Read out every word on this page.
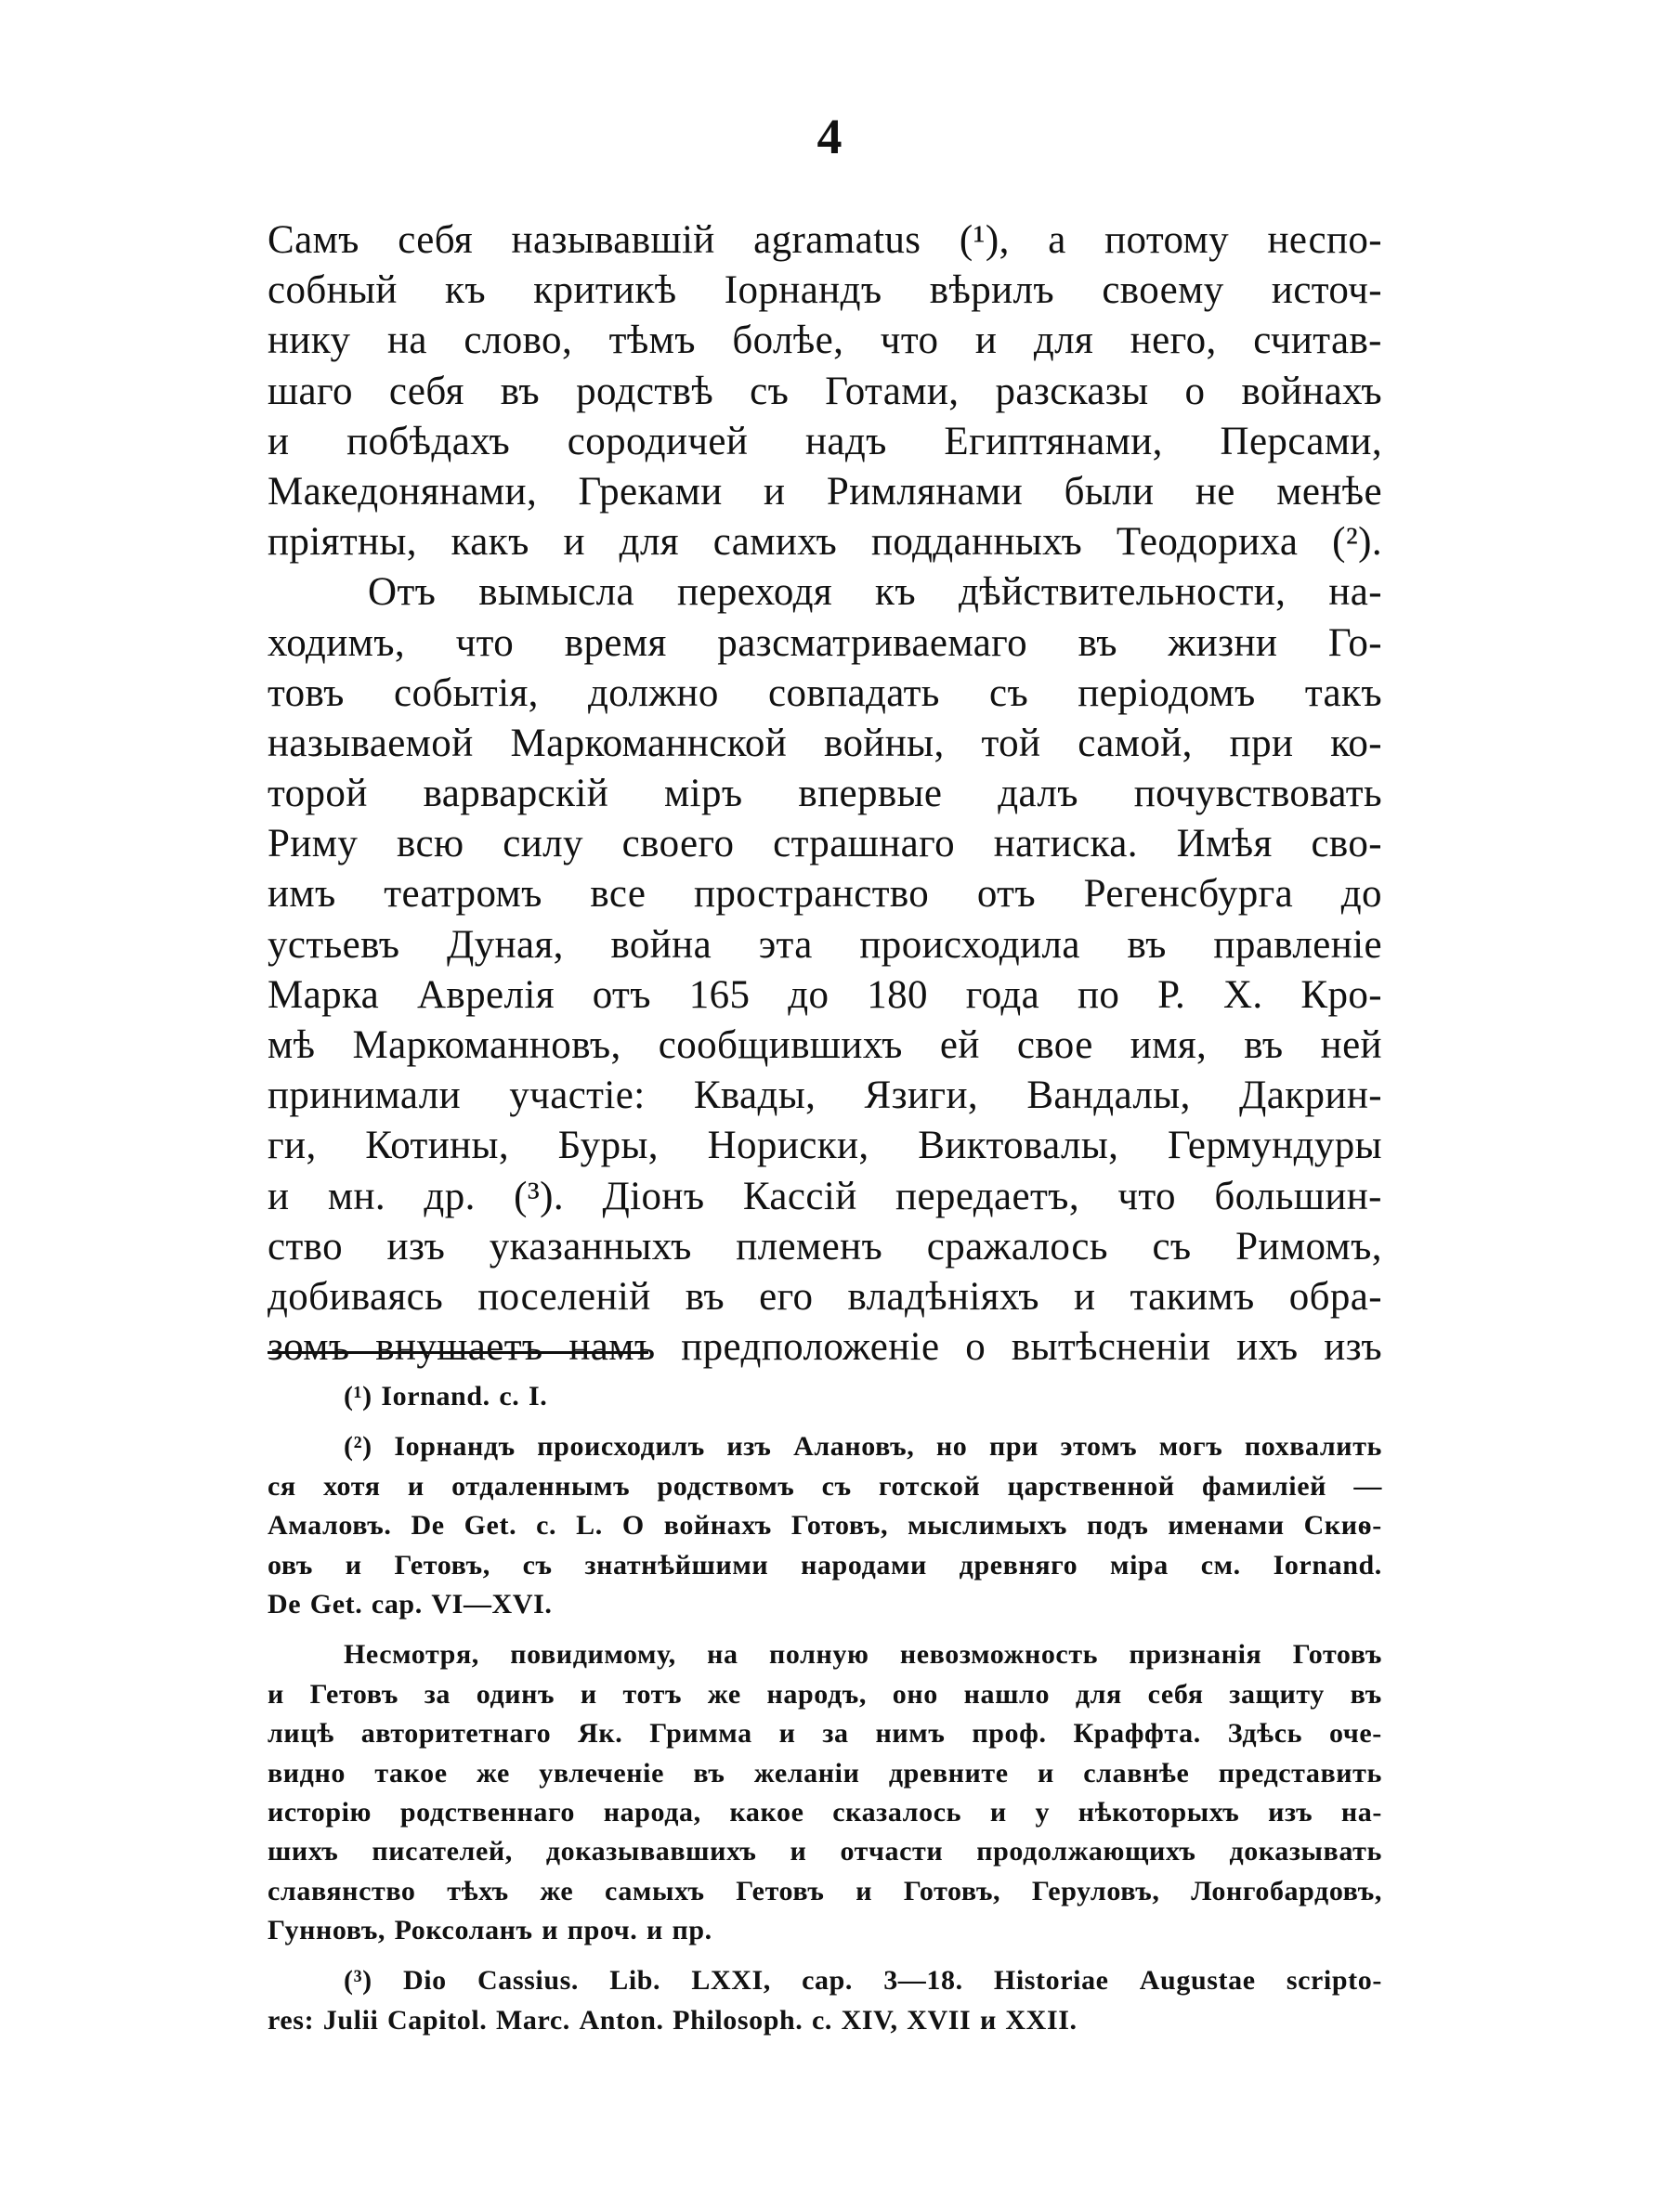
4
Самъ себя называвшій agramatus (¹), а потому неспо-
собный къ критикѣ Іорнандъ вѣрилъ своему источ-
нику на слово, тѣмъ болѣе, что и для него, считав-
шаго себя въ родствѣ съ Готами, разсказы о войнахъ
и побѣдахъ сородичей надъ Египтянами, Персами,
Македонянами, Греками и Римлянами были не менѣе
пріятны, какъ и для самихъ подданныхъ Теодориха (²).
Отъ вымысла переходя къ дѣйствительности, на-
ходимъ, что время разсматриваемаго въ жизни Го-
товъ событія, должно совпадать съ періодомъ такъ
называемой Маркоманнской войны, той самой, при ко-
торой варварскій міръ впервые далъ почувствовать
Риму всю силу своего страшнаго натиска. Имѣя сво-
имъ театромъ все пространство отъ Регенсбурга до
устьевъ Дуная, война эта происходила въ правленіе
Марка Аврелія отъ 165 до 180 года по Р. Х. Кро-
мѣ Маркоманновъ, сообщившихъ ей свое имя, въ ней
принимали участіе: Квады, Язиги, Вандалы, Дакрин-
ги, Котины, Буры, Нориски, Виктовалы, Гермундуры
и мн. др. (³). Діонъ Кассій передаетъ, что большин-
ство изъ указанныхъ племенъ сражалось съ Римомъ,
добиваясь поселеній въ его владѣніяхъ и такимъ обра-
зомъ внушаетъ намъ предположеніе о вытѣсненіи ихъ изъ
(¹) Iornand. c. I.
(²) Іорнандъ происходилъ изъ Алановъ, но при этомъ могъ похвалить
ся хотя и отдаленнымъ родствомъ съ готской царственной фамиліей —
Амаловъ. De Get. c. L. О войнахъ Готовъ, мыслимыхъ подъ именами Скиѳ-
овъ и Гетовъ, съ знатнѣйшими народами древняго міра см. Iornand.
De Get. cap. VI—XVI.
Несмотря, повидимому, на полную невозможность признанія Готовъ
и Гетовъ за одинъ и тотъ же народъ, оно нашло для себя защиту въ
лицѣ авторитетнаго Як. Гримма и за нимъ проф. Краффта. Здѣсь оче-
видно такое же увлеченіе въ желаніи древните и славнѣе представить
исторію родственнаго народа, какое сказалось и у нѣкоторыхъ изъ на-
шихъ писателей, доказывавшихъ и отчасти продолжающихъ доказывать
славянство тѣхъ же самыхъ Гетовъ и Готовъ, Геруловъ, Лонгобардовъ,
Гунновъ, Роксоланъ и проч. и пр.
(³) Dio Cassius. Lib. LXXI, cap. 3—18. Historiae Augustae scripto-
res: Julii Capitol. Marc. Anton. Philosoph. c. XIV, XVII и XXII.
